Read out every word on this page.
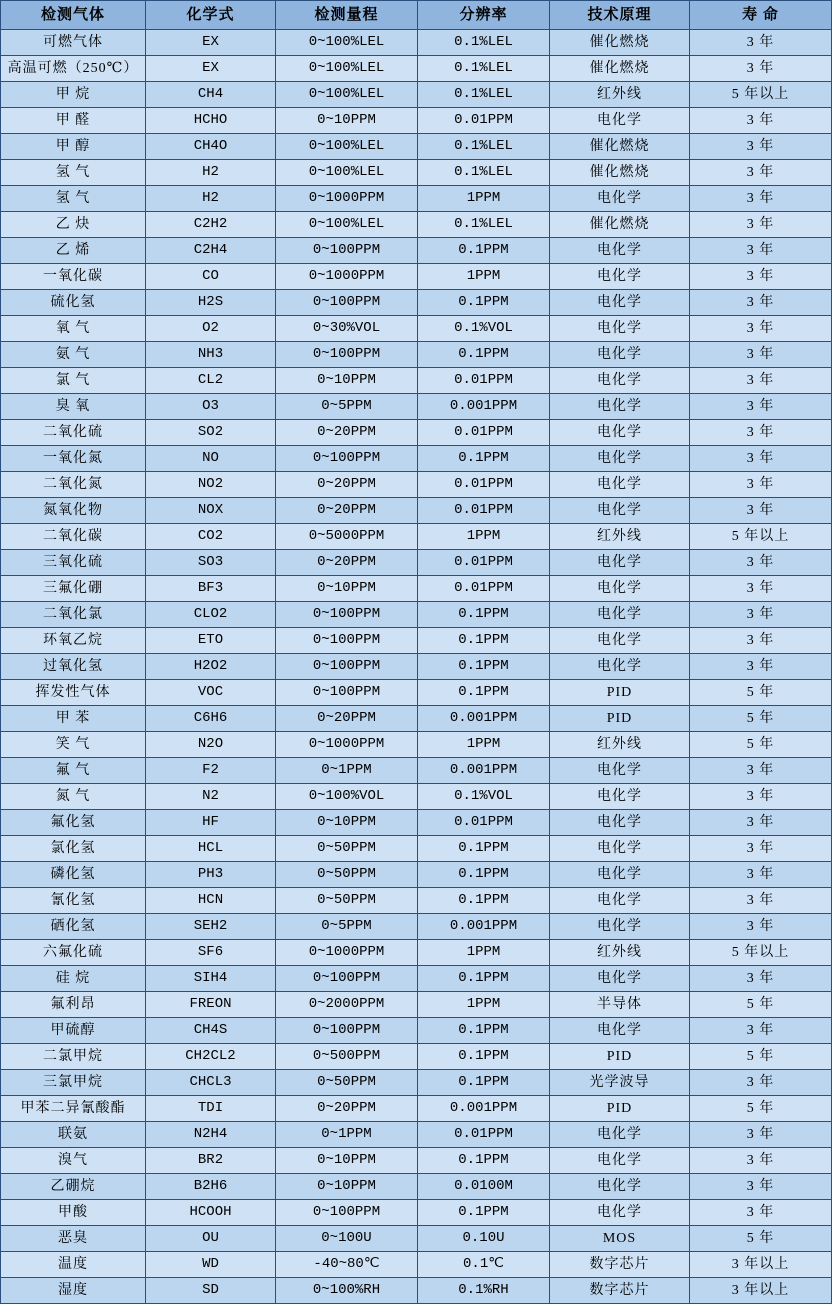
检测气体	化学式	检测量程	分辨率	技术原理	寿 命
可燃气体	EX	0~100%LEL	0.1%LEL	催化燃烧	3 年
高温可燃（250℃）	EX	0~100%LEL	0.1%LEL	催化燃烧	3 年
甲 烷	CH4	0~100%LEL	0.1%LEL	红外线	5 年以上
甲 醛	HCHO	0~10PPM	0.01PPM	电化学	3 年
甲 醇	CH4O	0~100%LEL	0.1%LEL	催化燃烧	3 年
氢 气	H2	0~100%LEL	0.1%LEL	催化燃烧	3 年
氢 气	H2	0~1000PPM	1PPM	电化学	3 年
乙 炔	C2H2	0~100%LEL	0.1%LEL	催化燃烧	3 年
乙 烯	C2H4	0~100PPM	0.1PPM	电化学	3 年
一氧化碳	CO	0~1000PPM	1PPM	电化学	3 年
硫化氢	H2S	0~100PPM	0.1PPM	电化学	3 年
氧 气	O2	0~30%VOL	0.1%VOL	电化学	3 年
氨 气	NH3	0~100PPM	0.1PPM	电化学	3 年
氯 气	CL2	0~10PPM	0.01PPM	电化学	3 年
臭 氧	O3	0~5PPM	0.001PPM	电化学	3 年
二氧化硫	SO2	0~20PPM	0.01PPM	电化学	3 年
一氧化氮	NO	0~100PPM	0.1PPM	电化学	3 年
二氧化氮	NO2	0~20PPM	0.01PPM	电化学	3 年
氮氧化物	NOX	0~20PPM	0.01PPM	电化学	3 年
二氧化碳	CO2	0~5000PPM	1PPM	红外线	5 年以上
三氧化硫	SO3	0~20PPM	0.01PPM	电化学	3 年
三氟化硼	BF3	0~10PPM	0.01PPM	电化学	3 年
二氧化氯	CLO2	0~100PPM	0.1PPM	电化学	3 年
环氧乙烷	ETO	0~100PPM	0.1PPM	电化学	3 年
过氧化氢	H2O2	0~100PPM	0.1PPM	电化学	3 年
挥发性气体	VOC	0~100PPM	0.1PPM	PID	5 年
甲 苯	C6H6	0~20PPM	0.001PPM	PID	5 年
笑 气	N2O	0~1000PPM	1PPM	红外线	5 年
氟 气	F2	0~1PPM	0.001PPM	电化学	3 年
氮 气	N2	0~100%VOL	0.1%VOL	电化学	3 年
氟化氢	HF	0~10PPM	0.01PPM	电化学	3 年
氯化氢	HCL	0~50PPM	0.1PPM	电化学	3 年
磷化氢	PH3	0~50PPM	0.1PPM	电化学	3 年
氰化氢	HCN	0~50PPM	0.1PPM	电化学	3 年
硒化氢	SEH2	0~5PPM	0.001PPM	电化学	3 年
六氟化硫	SF6	0~1000PPM	1PPM	红外线	5 年以上
硅 烷	SIH4	0~100PPM	0.1PPM	电化学	3 年
氟利昂	FREON	0~2000PPM	1PPM	半导体	5 年
甲硫醇	CH4S	0~100PPM	0.1PPM	电化学	3 年
二氯甲烷	CH2CL2	0~500PPM	0.1PPM	PID	5 年
三氯甲烷	CHCL3	0~50PPM	0.1PPM	光学波导	3 年
甲苯二异氰酸酯	TDI	0~20PPM	0.001PPM	PID	5 年
联氨	N2H4	0~1PPM	0.01PPM	电化学	3 年
溴气	BR2	0~10PPM	0.1PPM	电化学	3 年
乙硼烷	B2H6	0~10PPM	0.0100M	电化学	3 年
甲酸	HCOOH	0~100PPM	0.1PPM	电化学	3 年
恶臭	OU	0~100U	0.10U	MOS	5 年
温度	WD	-40~80℃	0.1℃	数字芯片	3 年以上
湿度	SD	0~100%RH	0.1%RH	数字芯片	3 年以上
